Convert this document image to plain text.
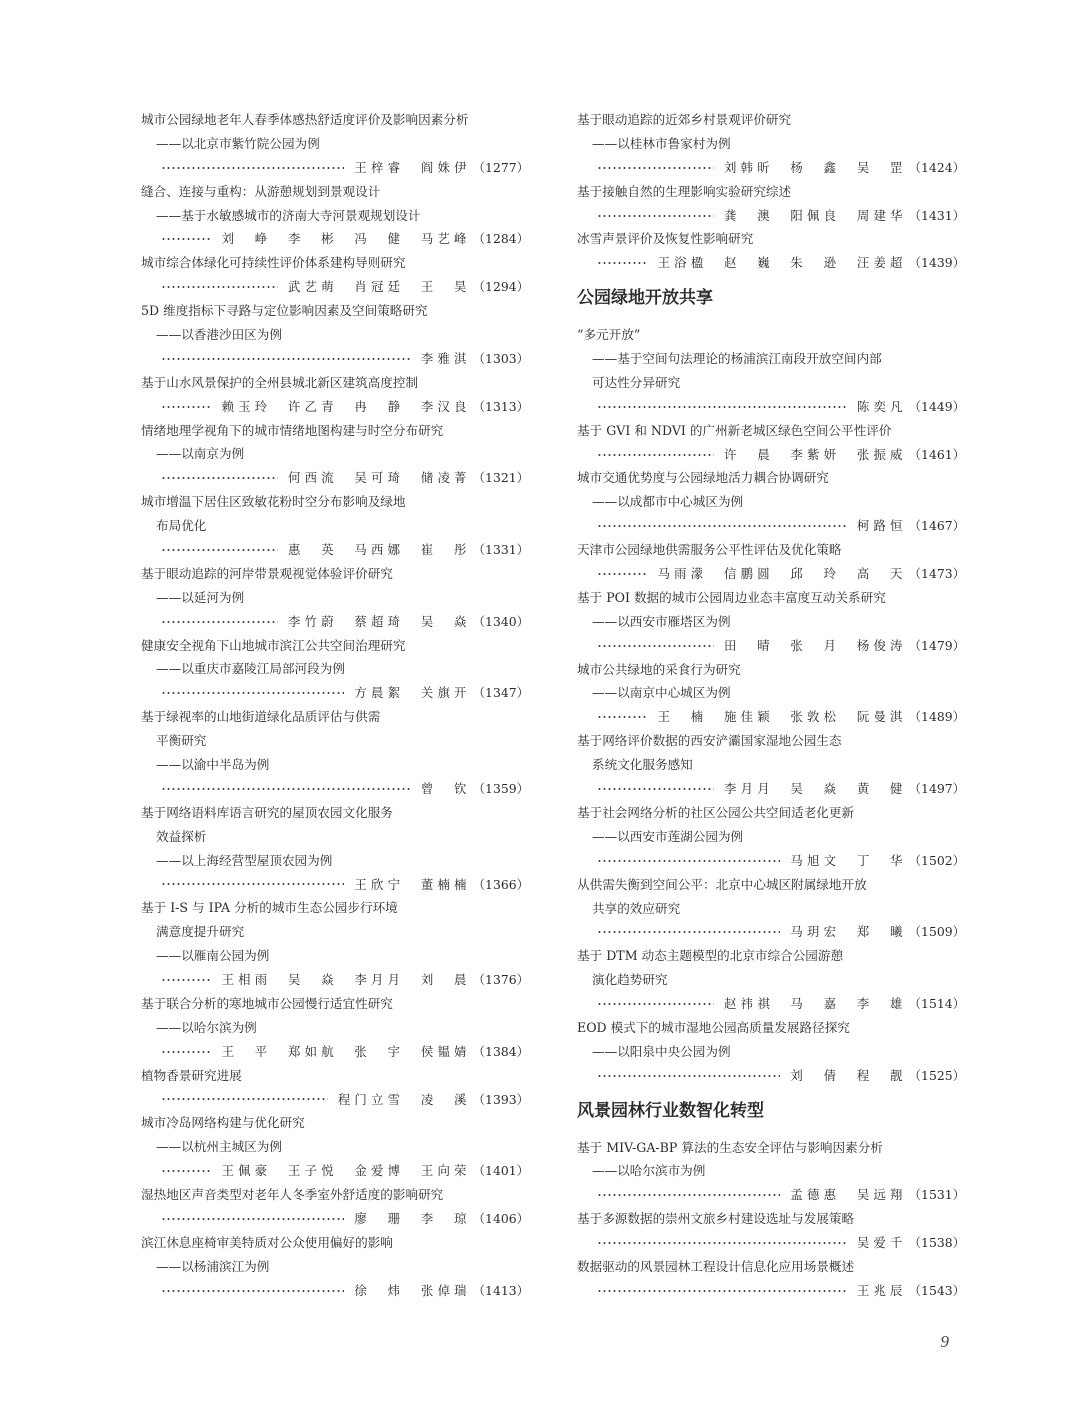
城市公园绿地老年人春季体感热舒适度评价及影响因素分析
——以北京市紫竹院公园为例
王梓睿　阎姝伊 （1277）
缝合、连接与重构：从游憩规划到景观设计
——基于水敏感城市的济南大寺河景观规划设计
刘　峥　李　彬　冯　健　马艺峰 （1284）
城市综合体绿化可持续性评价体系建构导则研究
武艺萌　肖冠廷　王　昊 （1294）
5D 维度指标下寻路与定位影响因素及空间策略研究
——以香港沙田区为例
李雅淇 （1303）
基于山水风景保护的全州县城北新区建筑高度控制
赖玉玲　许乙青　冉　静　李汉良 （1313）
情绪地理学视角下的城市情绪地图构建与时空分布研究
——以南京为例
何西流　吴可琦　储凌菁 （1321）
城市增温下居住区致敏花粉时空分布影响及绿地
布局优化
惠　英　马西娜　崔　彤 （1331）
基于眼动追踪的河岸带景观视觉体验评价研究
——以延河为例
李竹蔚　蔡超琦　吴　焱 （1340）
健康安全视角下山地城市滨江公共空间治理研究
——以重庆市嘉陵江局部河段为例
方晨絮　关旗开 （1347）
基于绿视率的山地街道绿化品质评估与供需
平衡研究
——以渝中半岛为例
曾　钦 （1359）
基于网络语料库语言研究的屋顶农园文化服务
效益探析
——以上海经营型屋顶农园为例
王欣宁　董楠楠 （1366）
基于 I-S 与 IPA 分析的城市生态公园步行环境
满意度提升研究
——以雁南公园为例
王相雨　吴　焱　李月月　刘　晨 （1376）
基于联合分析的寒地城市公园慢行适宜性研究
——以哈尔滨为例
王　平　郑如航　张　宇　侯韫婧 （1384）
植物香景研究进展
程门立雪　凌　溪 （1393）
城市冷岛网络构建与优化研究
——以杭州主城区为例
王佩豪　王子悦　金爱博　王向荣 （1401）
湿热地区声音类型对老年人冬季室外舒适度的影响研究
廖　珊　李　琼 （1406）
滨江休息座椅审美特质对公众使用偏好的影响
——以杨浦滨江为例
徐　炜　张倬瑞 （1413）
基于眼动追踪的近郊乡村景观评价研究
——以桂林市鲁家村为例
刘韩昕　杨　鑫　吴　罡 （1424）
基于接触自然的生理影响实验研究综述
龚　澳　阳佩良　周建华 （1431）
冰雪声景评价及恢复性影响研究
王浴楹　赵　巍　朱　逊　汪姜超 （1439）
公园绿地开放共享
“多元开放”
——基于空间句法理论的杨浦滨江南段开放空间内部
可达性分异研究
陈奕凡 （1449）
基于 GVI 和 NDVI 的广州新老城区绿色空间公平性评价
许　晨　李紫妍　张振威 （1461）
城市交通优势度与公园绿地活力耦合协调研究
——以成都市中心城区为例
柯路恒 （1467）
天津市公园绿地供需服务公平性评估及优化策略
马雨濛　信鹏圆　邱　玲　高　天 （1473）
基于 POI 数据的城市公园周边业态丰富度互动关系研究
——以西安市雁塔区为例
田　晴　张　月　杨俊涛 （1479）
城市公共绿地的采食行为研究
——以南京中心城区为例
王　楠　施佳颖　张敦松　阮曼淇 （1489）
基于网络评价数据的西安浐灞国家湿地公园生态
系统文化服务感知
李月月　吴　焱　黄　健 （1497）
基于社会网络分析的社区公园公共空间适老化更新
——以西安市莲湖公园为例
马旭文　丁　华 （1502）
从供需失衡到空间公平：北京中心城区附属绿地开放
共享的效应研究
马玥宏　郑　曦 （1509）
基于 DTM 动态主题模型的北京市综合公园游憩
演化趋势研究
赵祎祺　马　嘉　李　雄 （1514）
EOD 模式下的城市湿地公园高质量发展路径探究
——以阳泉中央公园为例
刘　倩　程　靓 （1525）
风景园林行业数智化转型
基于 MIV-GA-BP 算法的生态安全评估与影响因素分析
——以哈尔滨市为例
孟德惠　吴远翔 （1531）
基于多源数据的崇州文旅乡村建设选址与发展策略
吴爱千 （1538）
数据驱动的风景园林工程设计信息化应用场景概述
王兆辰 （1543）
9
